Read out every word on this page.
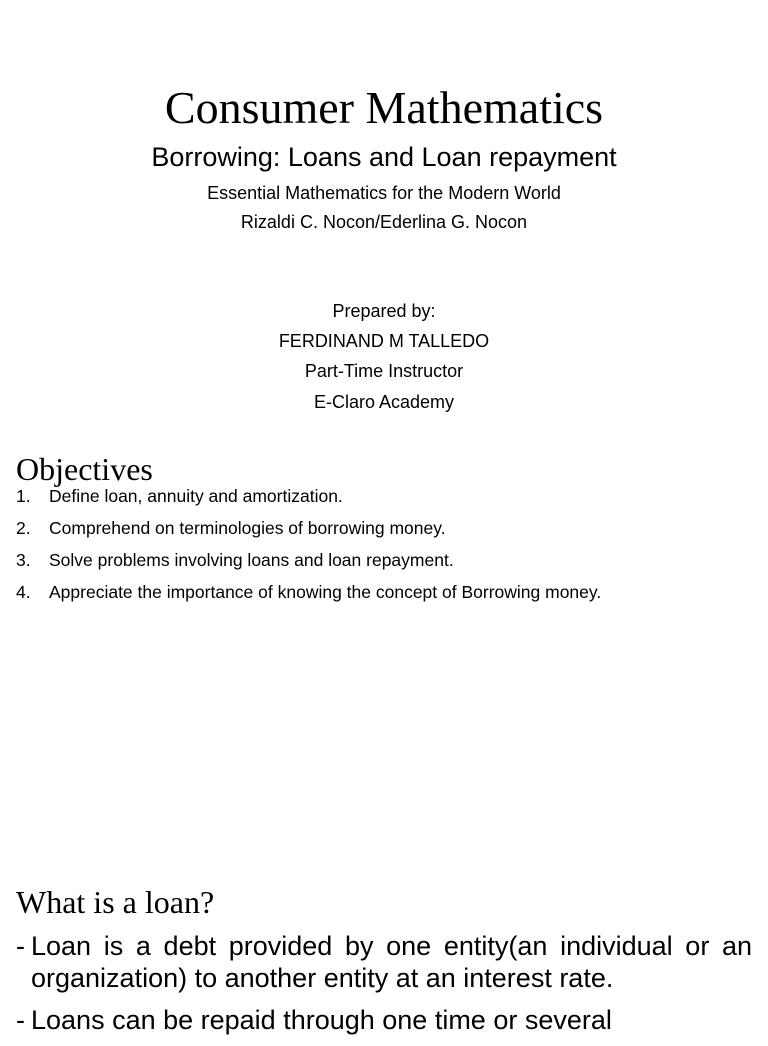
Consumer Mathematics
Borrowing: Loans and Loan repayment
Essential Mathematics for the Modern World
Rizaldi C. Nocon/Ederlina G. Nocon
Prepared by:
FERDINAND M TALLEDO
Part-Time Instructor
E-Claro Academy
Objectives
1. Define loan, annuity and amortization.
2. Comprehend on terminologies of borrowing money.
3. Solve problems involving loans and loan repayment.
4. Appreciate the importance of knowing the concept of Borrowing money.
What is a loan?
- Loan is a debt provided by one entity(an individual or an organization) to another entity at an interest rate.
- Loans can be repaid through one time or several
